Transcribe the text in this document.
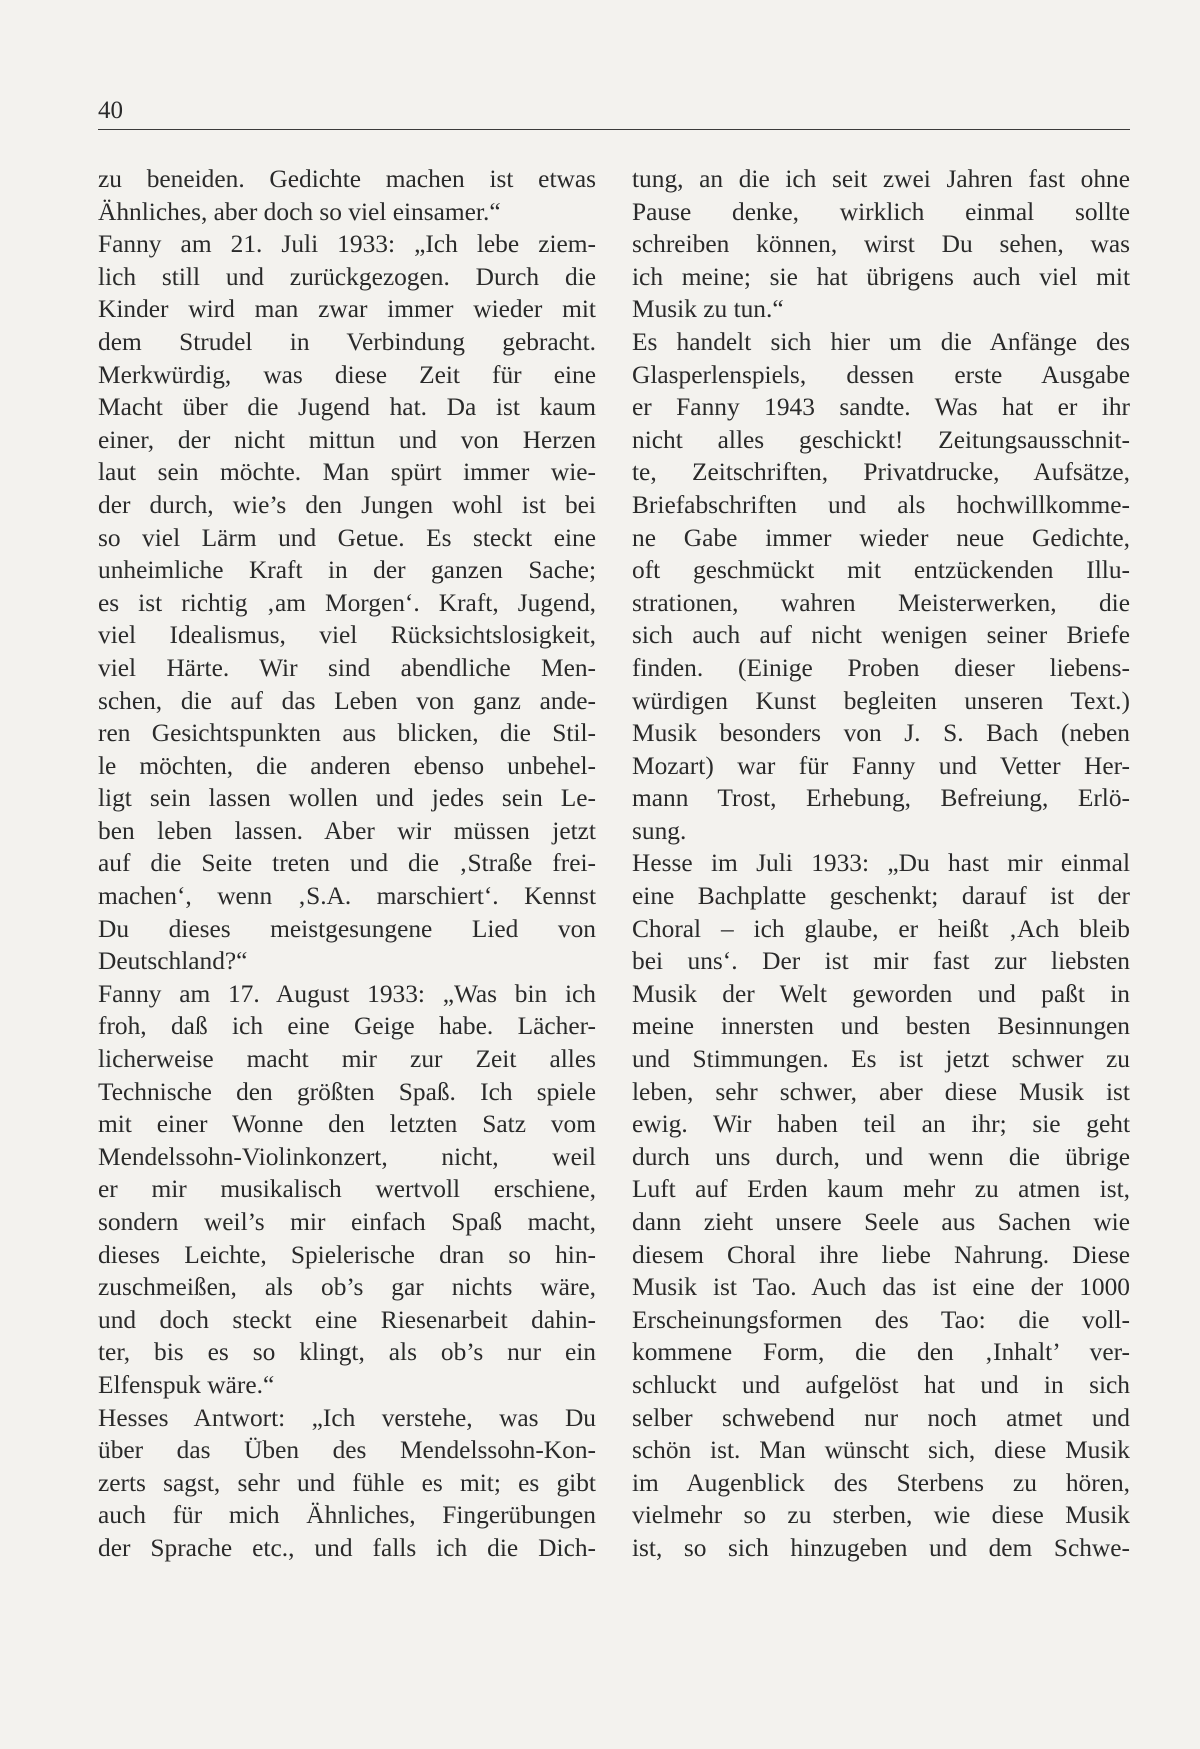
40
zu beneiden. Gedichte machen ist etwas
Ähnliches, aber doch so viel einsamer.“
Fanny am 21. Juli 1933: „Ich lebe ziem-
lich still und zurückgezogen. Durch die
Kinder wird man zwar immer wieder mit
dem Strudel in Verbindung gebracht.
Merkwürdig, was diese Zeit für eine
Macht über die Jugend hat. Da ist kaum
einer, der nicht mittun und von Herzen
laut sein möchte. Man spürt immer wie-
der durch, wie’s den Jungen wohl ist bei
so viel Lärm und Getue. Es steckt eine
unheimliche Kraft in der ganzen Sache;
es ist richtig ‚am Morgen‘. Kraft, Jugend,
viel Idealismus, viel Rücksichtslosigkeit,
viel Härte. Wir sind abendliche Men-
schen, die auf das Leben von ganz ande-
ren Gesichtspunkten aus blicken, die Stil-
le möchten, die anderen ebenso unbehel-
ligt sein lassen wollen und jedes sein Le-
ben leben lassen. Aber wir müssen jetzt
auf die Seite treten und die ‚Straße frei-
machen‘, wenn ‚S.A. marschiert‘. Kennst
Du dieses meistgesungene Lied von
Deutschland?“
Fanny am 17. August 1933: „Was bin ich
froh, daß ich eine Geige habe. Lächer-
licherweise macht mir zur Zeit alles
Technische den größten Spaß. Ich spiele
mit einer Wonne den letzten Satz vom
Mendelssohn-Violinkonzert, nicht, weil
er mir musikalisch wertvoll erschiene,
sondern weil’s mir einfach Spaß macht,
dieses Leichte, Spielerische dran so hin-
zuschmeißen, als ob’s gar nichts wäre,
und doch steckt eine Riesenarbeit dahin-
ter, bis es so klingt, als ob’s nur ein
Elfenspuk wäre.“
Hesses Antwort: „Ich verstehe, was Du
über das Üben des Mendelssohn-Kon-
zerts sagst, sehr und fühle es mit; es gibt
auch für mich Ähnliches, Fingerübungen
der Sprache etc., und falls ich die Dich-
tung, an die ich seit zwei Jahren fast ohne
Pause denke, wirklich einmal sollte
schreiben können, wirst Du sehen, was
ich meine; sie hat übrigens auch viel mit
Musik zu tun.“
Es handelt sich hier um die Anfänge des
Glasperlenspiels, dessen erste Ausgabe
er Fanny 1943 sandte. Was hat er ihr
nicht alles geschickt! Zeitungsausschnit-
te, Zeitschriften, Privatdrucke, Aufsätze,
Briefabschriften und als hochwillkomme-
ne Gabe immer wieder neue Gedichte,
oft geschmückt mit entzückenden Illu-
strationen, wahren Meisterwerken, die
sich auch auf nicht wenigen seiner Briefe
finden. (Einige Proben dieser liebens-
würdigen Kunst begleiten unseren Text.)
Musik besonders von J. S. Bach (neben
Mozart) war für Fanny und Vetter Her-
mann Trost, Erhebung, Befreiung, Erlö-
sung.
Hesse im Juli 1933: „Du hast mir einmal
eine Bachplatte geschenkt; darauf ist der
Choral – ich glaube, er heißt ‚Ach bleib
bei uns‘. Der ist mir fast zur liebsten
Musik der Welt geworden und paßt in
meine innersten und besten Besinnungen
und Stimmungen. Es ist jetzt schwer zu
leben, sehr schwer, aber diese Musik ist
ewig. Wir haben teil an ihr; sie geht
durch uns durch, und wenn die übrige
Luft auf Erden kaum mehr zu atmen ist,
dann zieht unsere Seele aus Sachen wie
diesem Choral ihre liebe Nahrung. Diese
Musik ist Tao. Auch das ist eine der 1000
Erscheinungsformen des Tao: die voll-
kommene Form, die den ‚Inhalt’ ver-
schluckt und aufgelöst hat und in sich
selber schwebend nur noch atmet und
schön ist. Man wünscht sich, diese Musik
im Augenblick des Sterbens zu hören,
vielmehr so zu sterben, wie diese Musik
ist, so sich hinzugeben und dem Schwe-
